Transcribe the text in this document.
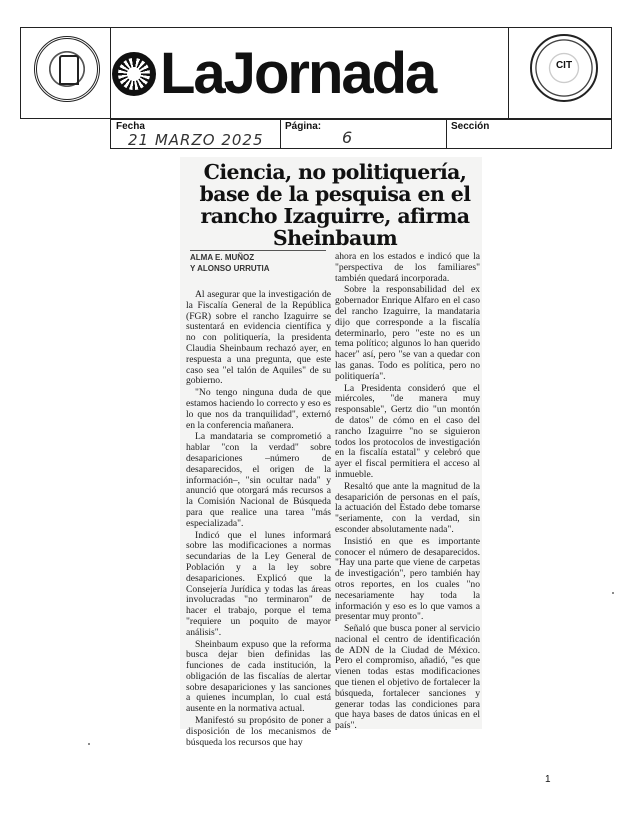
LaJornada	CIT
Fecha
21 MARZO 2025
Página:
6
Sección
Ciencia, no politiquería, base de la pesquisa en el rancho Izaguirre, afirma Sheinbaum
ALMA E. MUÑOZ
Y ALONSO URRUTIA

Al asegurar que la investigación de la Fiscalía General de la República (FGR) sobre el rancho Izaguirre se sustentará en evidencia científica y no con politiquería, la presidenta Claudia Sheinbaum rechazó ayer, en respuesta a una pregunta, que este caso sea "el talón de Aquiles" de su gobierno.

"No tengo ninguna duda de que estamos haciendo lo correcto y eso es lo que nos da tranquilidad", externó en la conferencia mañanera.

La mandataria se comprometió a hablar "con la verdad" sobre desapariciones –número de desaparecidos, el origen de la información–, "sin ocultar nada" y anunció que otorgará más recursos a la Comisión Nacional de Búsqueda para que realice una tarea "más especializada".

Indicó que el lunes informará sobre las modificaciones a normas secundarias de la Ley General de Población y a la ley sobre desapariciones. Explicó que la Consejería Jurídica y todas las áreas involucradas "no terminaron" de hacer el trabajo, porque el tema "requiere un poquito de mayor análisis".

Sheinbaum expuso que la reforma busca dejar bien definidas las funciones de cada institución, la obligación de las fiscalías de alertar sobre desapariciones y las sanciones a quienes incumplan, lo cual está ausente en la normativa actual.

Manifestó su propósito de poner a disposición de los mecanismos de búsqueda los recursos que hay

ahora en los estados e indicó que la "perspectiva de los familiares" también quedará incorporada.

Sobre la responsabilidad del ex gobernador Enrique Alfaro en el caso del rancho Izaguirre, la mandataria dijo que corresponde a la fiscalía determinarlo, pero "este no es un tema político; algunos lo han querido hacer" así, pero "se van a quedar con las ganas. Todo es política, pero no politiquería".

La Presidenta consideró que el miércoles, "de manera muy responsable", Gertz dio "un montón de datos" de cómo en el caso del rancho Izaguirre "no se siguieron todos los protocolos de investigación en la fiscalía estatal" y celebró que ayer el fiscal permitiera el acceso al inmueble.

Resaltó que ante la magnitud de la desaparición de personas en el país, la actuación del Estado debe tomarse "seriamente, con la verdad, sin esconder absolutamente nada".

Insistió en que es importante conocer el número de desaparecidos. "Hay una parte que viene de carpetas de investigación", pero también hay otros reportes, en los cuales "no necesariamente hay toda la información y eso es lo que vamos a presentar muy pronto".

Señaló que busca poner al servicio nacional el centro de identificación de ADN de la Ciudad de México. Pero el compromiso, añadió, "es que vienen todas estas modificaciones que tienen el objetivo de fortalecer la búsqueda, fortalecer sanciones y generar todas las condiciones para que haya bases de datos únicas en el país".

1
